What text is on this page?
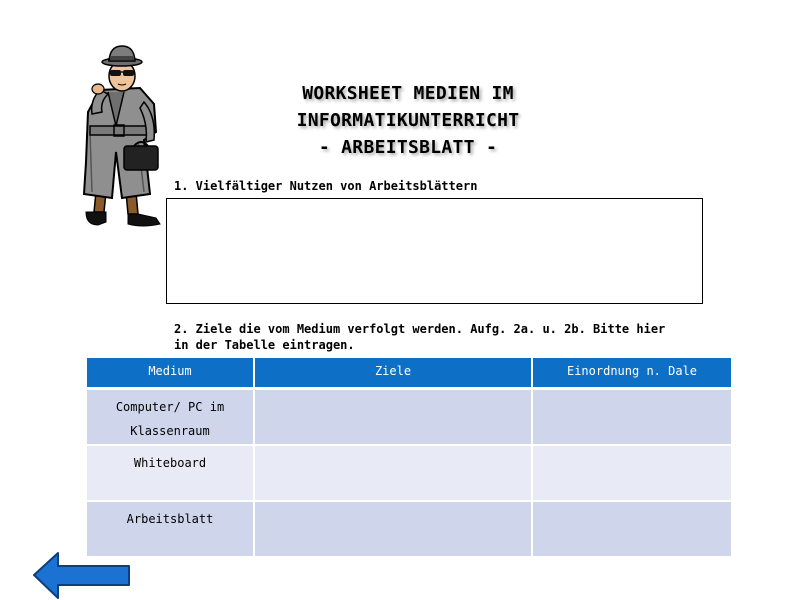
WORKSHEET MEDIEN IM
INFORMATIKUNTERRICHT
- ARBEITSBLATT -
1. Vielfältiger Nutzen von Arbeitsblättern
2. Ziele die vom Medium verfolgt werden. Aufg. 2a. u. 2b. Bitte hier
in der Tabelle eintragen.
Medium	Ziele	Einordnung n. Dale

Computer/ PC im
Klassenraum		

Whiteboard		

Arbeitsblatt		
